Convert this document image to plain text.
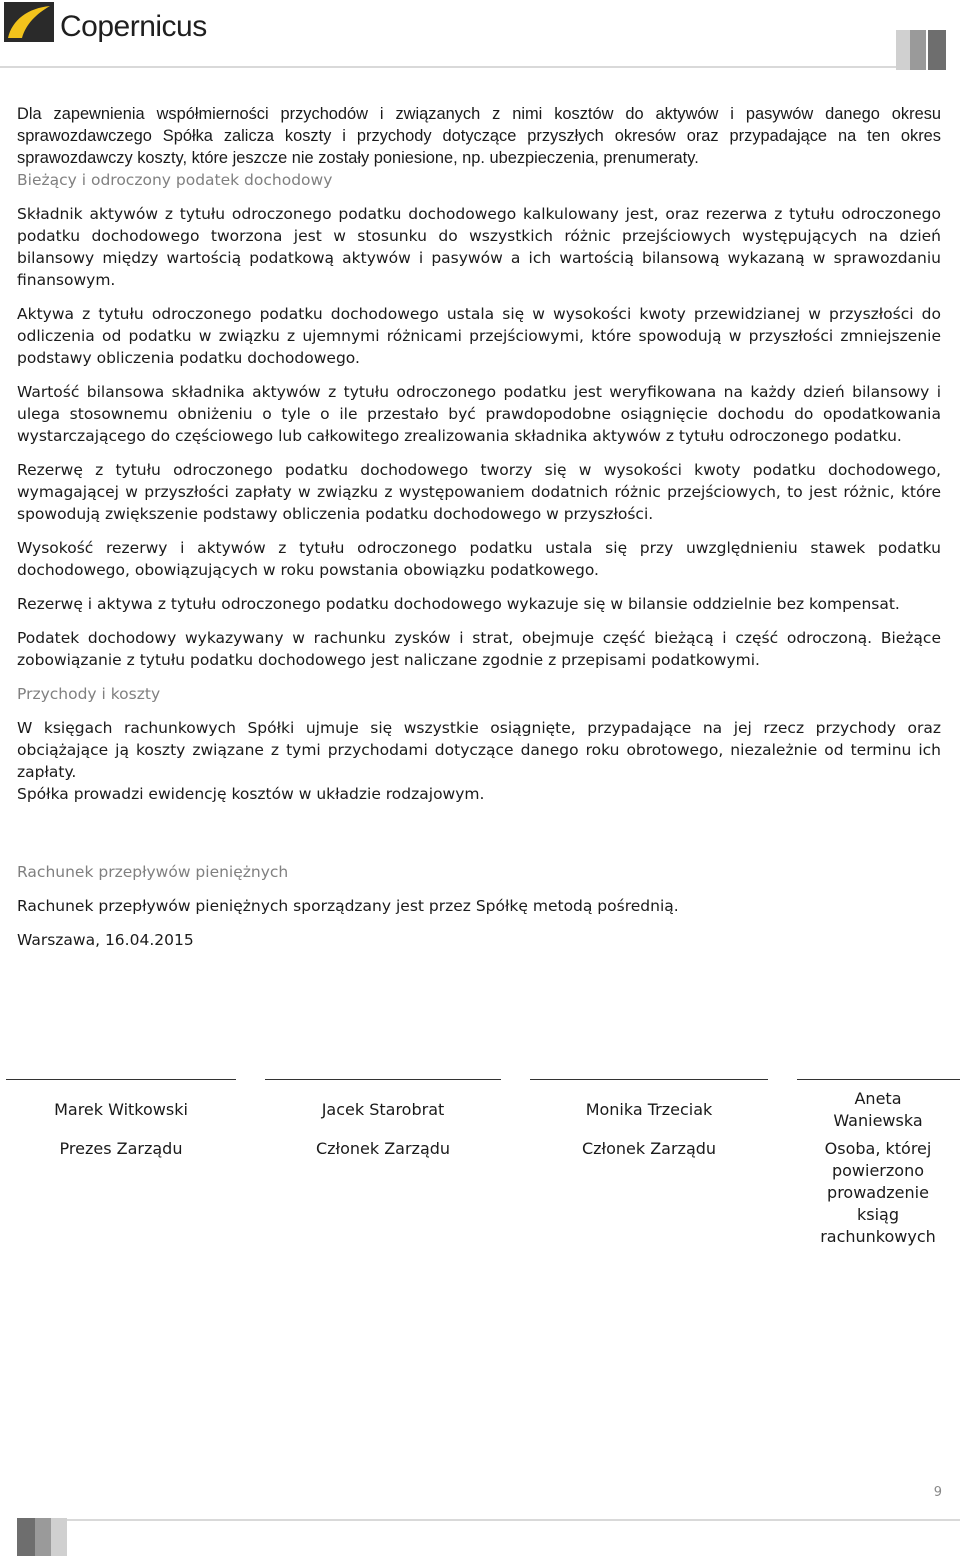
Copernicus

Dla zapewnienia współmierności przychodów i związanych z nimi kosztów do aktywów i pasywów danego okresu sprawozdawczego Spółka zalicza koszty i przychody dotyczące przyszłych okresów oraz przypadające na ten okres sprawozdawczy koszty, które jeszcze nie zostały poniesione, np. ubezpieczenia, prenumeraty.

Bieżący i odroczony podatek dochodowy

Składnik aktywów z tytułu odroczonego podatku dochodowego kalkulowany jest, oraz rezerwa z tytułu odroczonego podatku dochodowego tworzona jest w stosunku do wszystkich różnic przejściowych występujących na dzień bilansowy między wartością podatkową aktywów i pasywów a ich wartością bilansową wykazaną w sprawozdaniu finansowym.

Aktywa z tytułu odroczonego podatku dochodowego ustala się w wysokości kwoty przewidzianej w przyszłości do odliczenia od podatku w związku z ujemnymi różnicami przejściowymi, które spowodują w przyszłości zmniejszenie podstawy obliczenia podatku dochodowego.

Wartość bilansowa składnika aktywów z tytułu odroczonego podatku jest weryfikowana na każdy dzień bilansowy i ulega stosownemu obniżeniu o tyle o ile przestało być prawdopodobne osiągnięcie dochodu do opodatkowania wystarczającego do częściowego lub całkowitego zrealizowania składnika aktywów z tytułu odroczonego podatku.

Rezerwę z tytułu odroczonego podatku dochodowego tworzy się w wysokości kwoty podatku dochodowego, wymagającej w przyszłości zapłaty w związku z występowaniem dodatnich różnic przejściowych, to jest różnic, które spowodują zwiększenie podstawy obliczenia podatku dochodowego w przyszłości.

Wysokość rezerwy i aktywów z tytułu odroczonego podatku ustala się przy uwzględnieniu stawek podatku dochodowego, obowiązujących w roku powstania obowiązku podatkowego.

Rezerwę i aktywa z tytułu odroczonego podatku dochodowego wykazuje się w bilansie oddzielnie bez kompensat.

Podatek dochodowy wykazywany w rachunku zysków i strat, obejmuje część bieżącą i część odroczoną. Bieżące zobowiązanie z tytułu podatku dochodowego jest naliczane zgodnie z przepisami podatkowymi.

Przychody i koszty

W księgach rachunkowych Spółki ujmuje się wszystkie osiągnięte, przypadające na jej rzecz przychody oraz obciążające ją koszty związane z tymi przychodami dotyczące danego roku obrotowego, niezależnie od terminu ich zapłaty.

Spółka prowadzi ewidencję kosztów w układzie rodzajowym.

Rachunek przepływów pieniężnych

Rachunek przepływów pieniężnych sporządzany jest przez Spółkę metodą pośrednią.

Warszawa, 16.04.2015

Marek Witkowski
Prezes Zarządu
Jacek Starobrat
Członek Zarządu
Monika Trzeciak
Członek Zarządu
Aneta Waniewska
Osoba, której powierzono prowadzenie ksiąg rachunkowych
9
